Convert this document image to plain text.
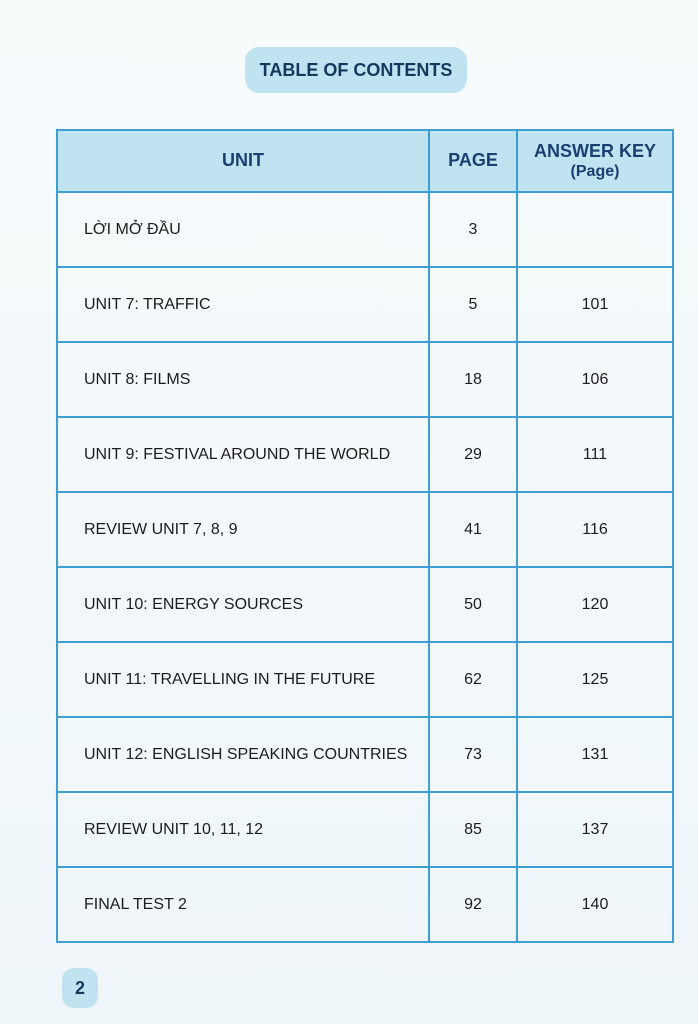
TABLE OF CONTENTS
UNIT	PAGE	ANSWER KEY
(Page)

LỜI MỞ ĐẦU	3	
UNIT 7: TRAFFIC	5	101
UNIT 8: FILMS	18	106
UNIT 9: FESTIVAL AROUND THE WORLD	29	111
REVIEW UNIT 7, 8, 9	41	116
UNIT 10: ENERGY SOURCES	50	120
UNIT 11: TRAVELLING IN THE FUTURE	62	125
UNIT 12: ENGLISH SPEAKING COUNTRIES	73	131
REVIEW UNIT 10, 11, 12	85	137
FINAL TEST 2	92	140
2
